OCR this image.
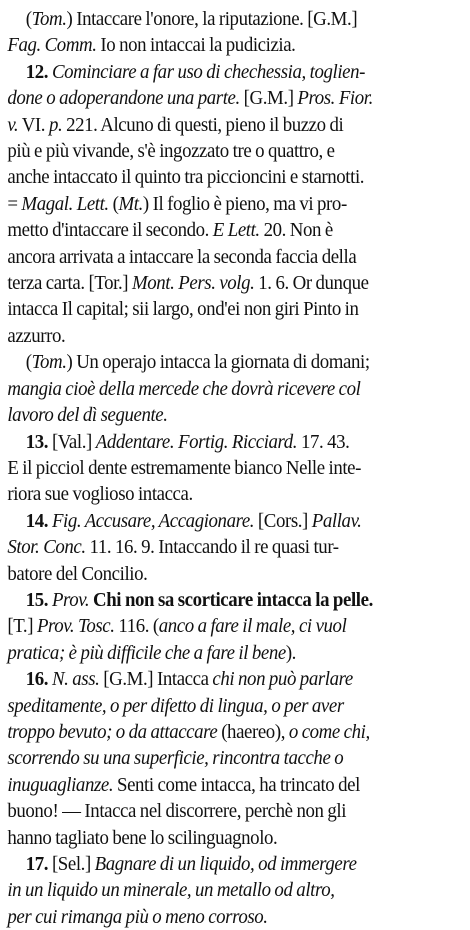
(Tom.) Intaccare l'onore, la riputazione. [G.M.]
Fag. Comm. Io non intaccai la pudicizia.
12. Cominciare a far uso di chechessia, toglien-
done o adoperandone una parte. [G.M.] Pros. Fior.
v. VI. p. 221. Alcuno di questi, pieno il buzzo di
più e più vivande, s'è ingozzato tre o quattro, e
anche intaccato il quinto tra piccioncini e starnotti.
= Magal. Lett. (Mt.) Il foglio è pieno, ma vi pro-
metto d'intaccare il secondo. E Lett. 20. Non è
ancora arrivata a intaccare la seconda faccia della
terza carta. [Tor.] Mont. Pers. volg. 1. 6. Or dunque
intacca Il capital; sii largo, ond'ei non giri Pinto in
azzurro.
(Tom.) Un operajo intacca la giornata di domani;
mangia cioè della mercede che dovrà ricevere col
lavoro del dì seguente.
13. [Val.] Addentare. Fortig. Ricciard. 17. 43.
E il picciol dente estremamente bianco Nelle inte-
riora sue voglioso intacca.
14. Fig. Accusare, Accagionare. [Cors.] Pallav.
Stor. Conc. 11. 16. 9. Intaccando il re quasi tur-
batore del Concilio.
15. Prov. Chi non sa scorticare intacca la pelle.
[T.] Prov. Tosc. 116. (anco a fare il male, ci vuol
pratica; è più difficile che a fare il bene).
16. N. ass. [G.M.] Intacca chi non può parlare
speditamente, o per difetto di lingua, o per aver
troppo bevuto; o da attaccare (haereo), o come chi,
scorrendo su una superficie, rincontra tacche o
inuguaglianze. Senti come intacca, ha trincato del
buono! — Intacca nel discorrere, perchè non gli
hanno tagliato bene lo scilinguagnolo.
17. [Sel.] Bagnare di un liquido, od immergere
in un liquido un minerale, un metallo od altro,
per cui rimanga più o meno corroso.
